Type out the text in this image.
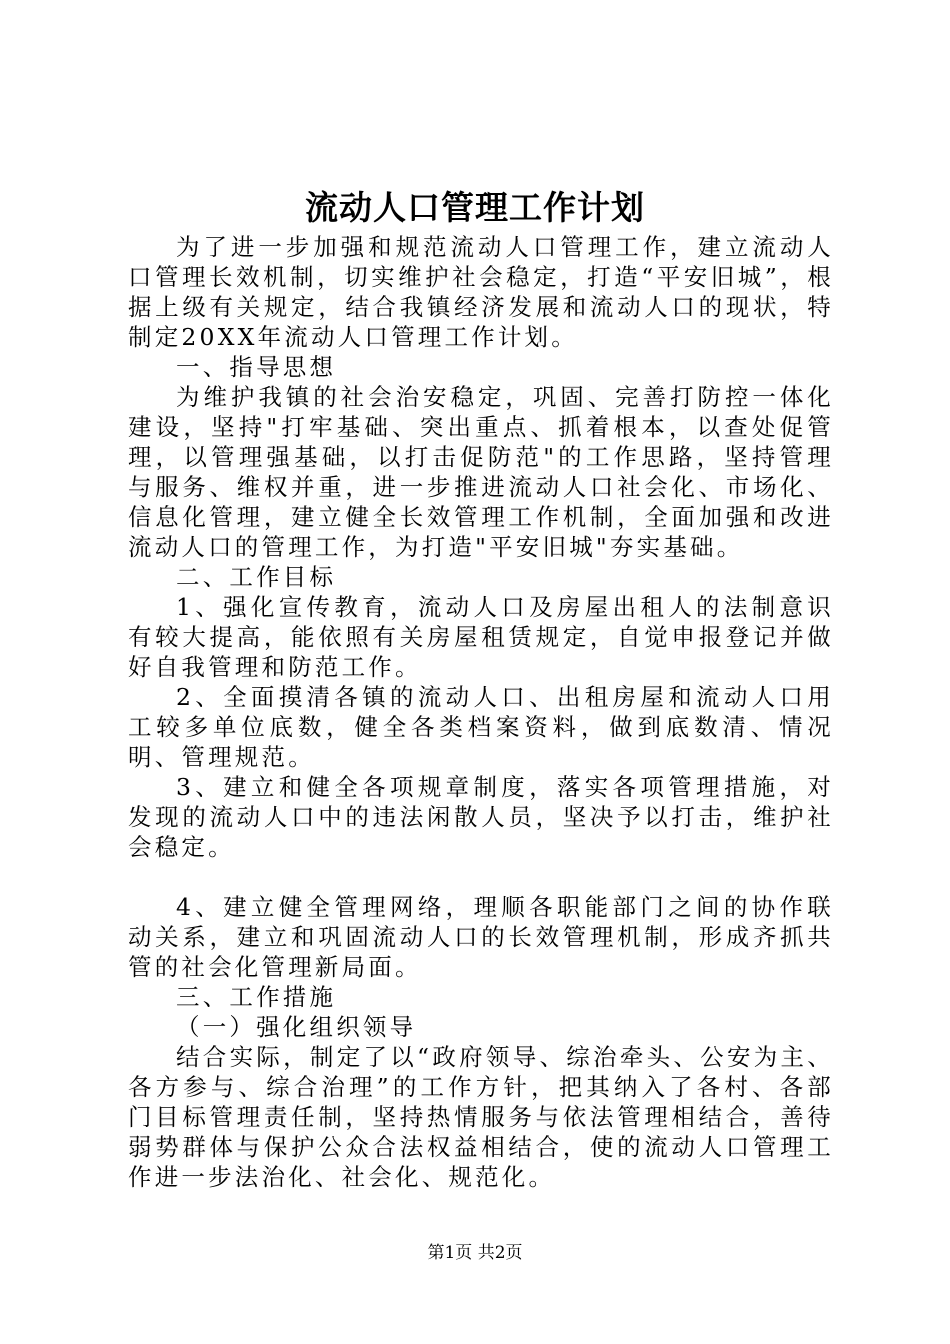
流动人口管理工作计划

为了进一步加强和规范流动人口管理工作，建立流动人口管理长效机制，切实维护社会稳定，打造“平安旧城”，根据上级有关规定，结合我镇经济发展和流动人口的现状，特制定20XX年流动人口管理工作计划。

一、指导思想

为维护我镇的社会治安稳定，巩固、完善打防控一体化建设，坚持"打牢基础、突出重点、抓着根本，以查处促管理，以管理强基础，以打击促防范"的工作思路，坚持管理与服务、维权并重，进一步推进流动人口社会化、市场化、信息化管理，建立健全长效管理工作机制，全面加强和改进流动人口的管理工作，为打造"平安旧城"夯实基础。

二、工作目标

1、强化宣传教育，流动人口及房屋出租人的法制意识有较大提高，能依照有关房屋租赁规定，自觉申报登记并做好自我管理和防范工作。

2、全面摸清各镇的流动人口、出租房屋和流动人口用工较多单位底数，健全各类档案资料，做到底数清、情况明、管理规范。

3、建立和健全各项规章制度，落实各项管理措施，对发现的流动人口中的违法闲散人员，坚决予以打击，维护社会稳定。

4、建立健全管理网络，理顺各职能部门之间的协作联动关系，建立和巩固流动人口的长效管理机制，形成齐抓共管的社会化管理新局面。

三、工作措施

（一）强化组织领导

结合实际，制定了以“政府领导、综治牵头、公安为主、各方参与、综合治理”的工作方针，把其纳入了各村、各部门目标管理责任制，坚持热情服务与依法管理相结合，善待弱势群体与保护公众合法权益相结合，使的流动人口管理工作进一步法治化、社会化、规范化。

第1页 共2页
